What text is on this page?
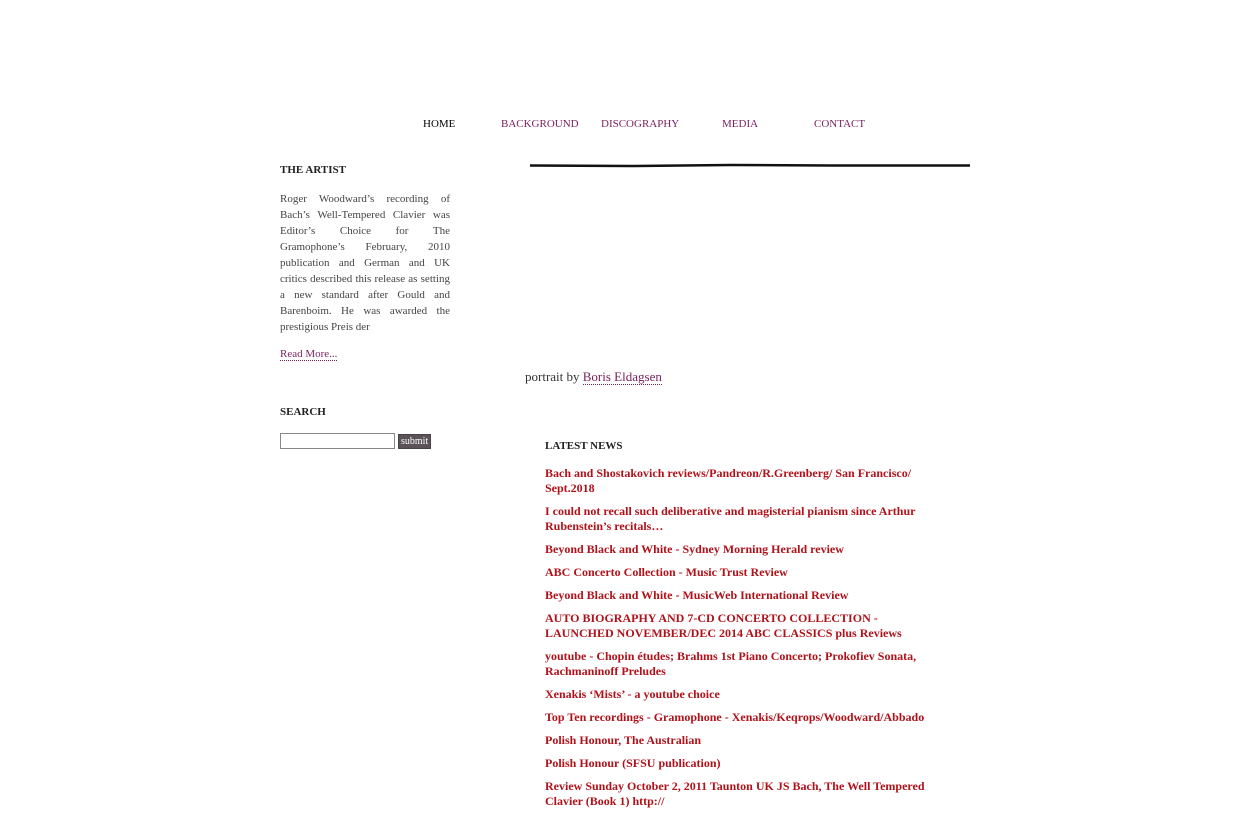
HOME	BACKGROUND DISCOGRAPHY	MEDIA	CONTACT
THE ARTIST

Roger Woodward’s recording of Bach’s Well-Tempered Clavier was Editor’s Choice for The Gramophone’s February, 2010 publication and German and UK critics described this release as setting a new standard after Gould and Barenboim. He was awarded the prestigious Preis der

Read More...
SEARCH
submit
portrait by Boris Eldagsen
LATEST NEWS
Bach and Shostakovich reviews/Pandreon/R.Greenberg/ San Francisco/ Sept.2018
I could not recall such deliberative and magisterial pianism since Arthur Rubenstein’s recitals…
Beyond Black and White - Sydney Morning Herald review
ABC Concerto Collection - Music Trust Review
Beyond Black and White - MusicWeb International Review
AUTO BIOGRAPHY AND 7-CD CONCERTO COLLECTION - LAUNCHED NOVEMBER/DEC 2014 ABC CLASSICS plus Reviews
youtube - Chopin études; Brahms 1st Piano Concerto; Prokofiev Sonata, Rachmaninoff Preludes
Xenakis ‘Mists’ - a youtube choice
Top Ten recordings - Gramophone - Xenakis/Keqrops/Woodward/Abbado
Polish Honour, The Australian
Polish Honour (SFSU publication)
Review Sunday October 2, 2011 Taunton UK JS Bach, The Well Tempered Clavier (Book 1) http://
